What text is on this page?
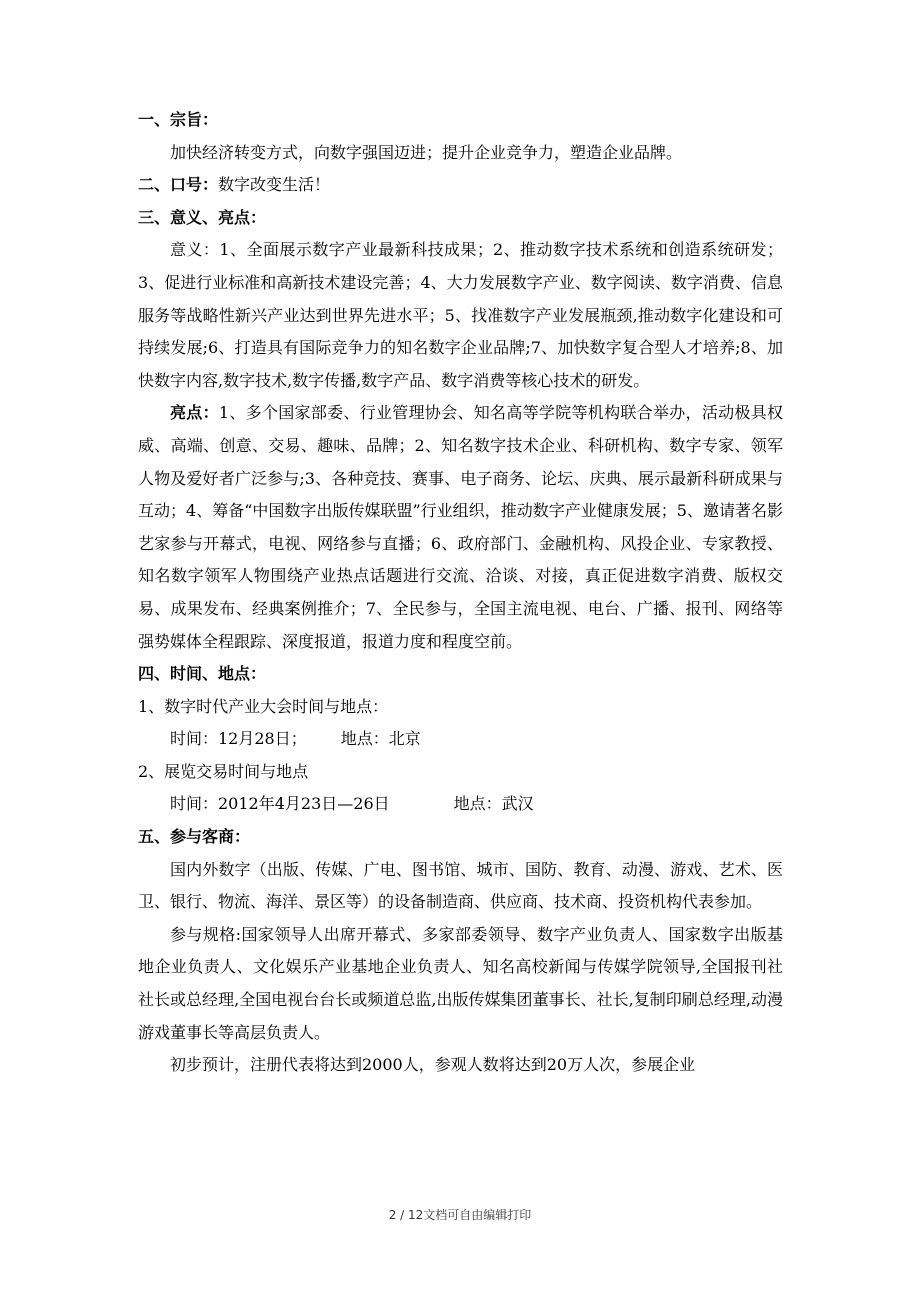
一、宗旨：

加快经济转变方式，向数字强国迈进；提升企业竞争力，塑造企业品牌。

二、口号：数字改变生活！
三、意义、亮点：

意义：1、全面展示数字产业最新科技成果；2、推动数字技术系统和创造系统研发；3、促进行业标准和高新技术建设完善；4、大力发展数字产业、数字阅读、数字消费、信息服务等战略性新兴产业达到世界先进水平；5、找准数字产业发展瓶颈,推动数字化建设和可持续发展;6、打造具有国际竞争力的知名数字企业品牌;7、加快数字复合型人才培养;8、加快数字内容,数字技术,数字传播,数字产品、数字消费等核心技术的研发。

亮点：1、多个国家部委、行业管理协会、知名高等学院等机构联合举办，活动极具权威、高端、创意、交易、趣味、品牌；2、知名数字技术企业、科研机构、数字专家、领军人物及爱好者广泛参与;3、各种竞技、赛事、电子商务、论坛、庆典、展示最新科研成果与互动；4、筹备“中国数字出版传媒联盟”行业组织，推动数字产业健康发展；5、邀请著名影艺家参与开幕式，电视、网络参与直播；6、政府部门、金融机构、风投企业、专家教授、知名数字领军人物围绕产业热点话题进行交流、洽谈、对接，真正促进数字消费、版权交易、成果发布、经典案例推介；7、全民参与，全国主流电视、电台、广播、报刊、网络等强势媒体全程跟踪、深度报道，报道力度和程度空前。

四、时间、地点：
1、数字时代产业大会时间与地点：
时间：12月28日； 地点：北京
2、展览交易时间与地点
时间：2012年4月23日—26日	地点：武汉
五、参与客商：

国内外数字（出版、传媒、广电、图书馆、城市、国防、教育、动漫、游戏、艺术、医卫、银行、物流、海洋、景区等）的设备制造商、供应商、技术商、投资机构代表参加。

参与规格:国家领导人出席开幕式、多家部委领导、数字产业负责人、国家数字出版基地企业负责人、文化娱乐产业基地企业负责人、知名高校新闻与传媒学院领导,全国报刊社社长或总经理,全国电视台台长或频道总监,出版传媒集团董事长、社长,复制印刷总经理,动漫游戏董事长等高层负责人。

初步预计，注册代表将达到2000人，参观人数将达到20万人次，参展企业

2 / 12文档可自由编辑打印
